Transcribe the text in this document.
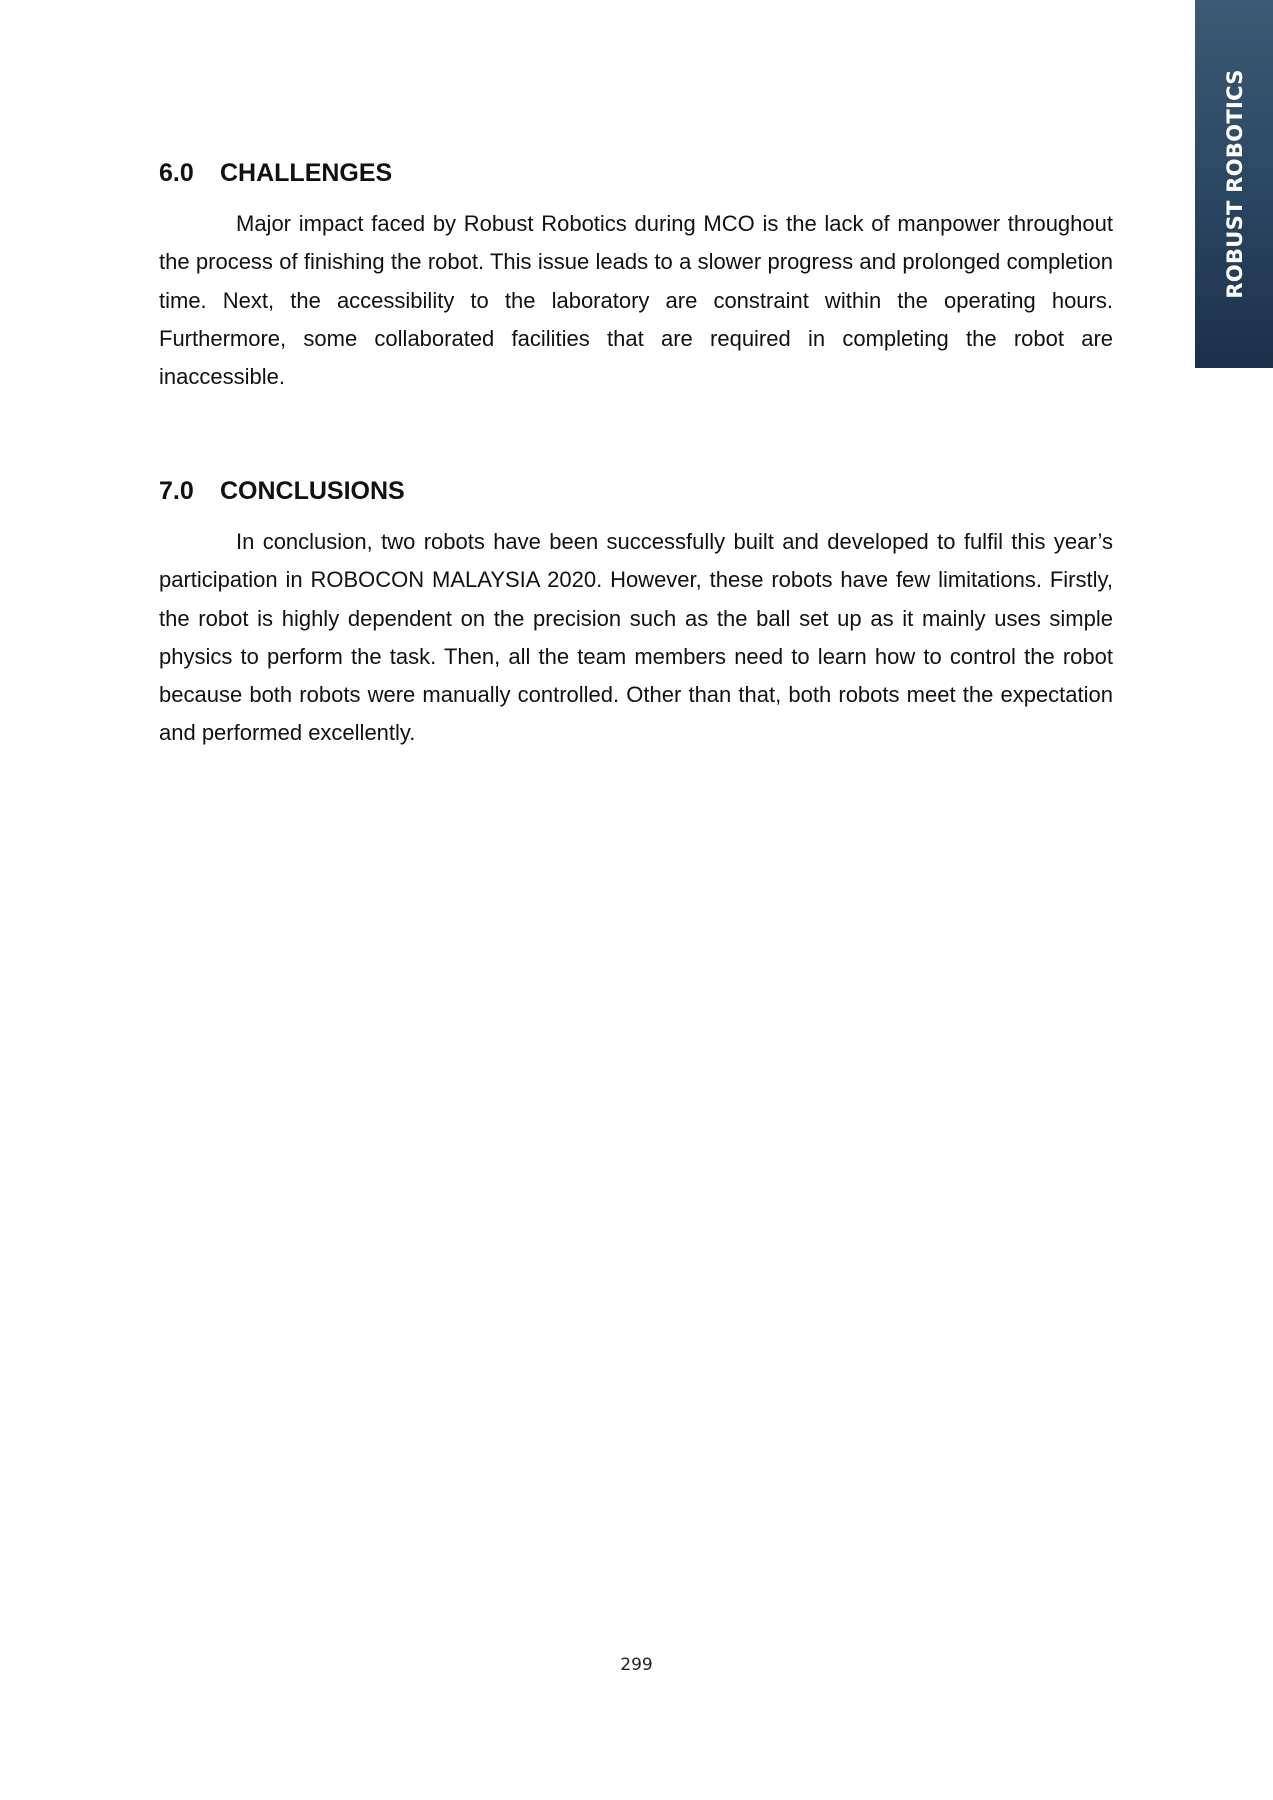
ROBUST ROBOTICS
6.0 CHALLENGES

Major impact faced by Robust Robotics during MCO is the lack of manpower throughout the process of finishing the robot. This issue leads to a slower progress and prolonged completion time. Next, the accessibility to the laboratory are constraint within the operating hours. Furthermore, some collaborated facilities that are required in completing the robot are inaccessible.

7.0 CONCLUSIONS

In conclusion, two robots have been successfully built and developed to fulfil this year’s participation in ROBOCON MALAYSIA 2020. However, these robots have few limitations. Firstly, the robot is highly dependent on the precision such as the ball set up as it mainly uses simple physics to perform the task. Then, all the team members need to learn how to control the robot because both robots were manually controlled. Other than that, both robots meet the expectation and performed excellently.

299
